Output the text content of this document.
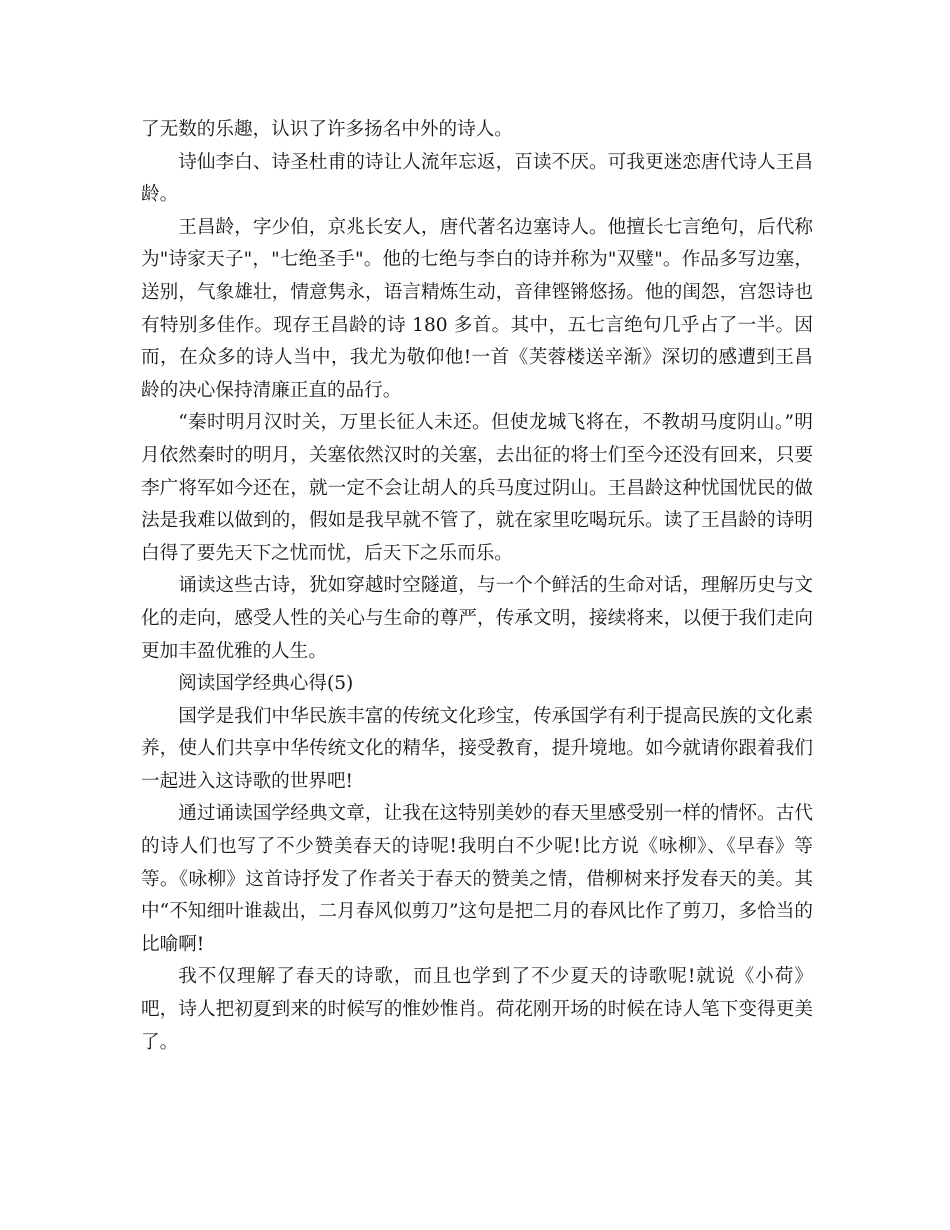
了无数的乐趣，认识了许多扬名中外的诗人。

诗仙李白、诗圣杜甫的诗让人流年忘返，百读不厌。可我更迷恋唐代诗人王昌龄。

王昌龄，字少伯，京兆长安人，唐代著名边塞诗人。他擅长七言绝句，后代称为"诗家天子"，"七绝圣手"。他的七绝与李白的诗并称为"双璧"。作品多写边塞，送别，气象雄壮，情意隽永，语言精炼生动，音律铿锵悠扬。他的闺怨，宫怨诗也有特别多佳作。现存王昌龄的诗 180 多首。其中，五七言绝句几乎占了一半。因而，在众多的诗人当中，我尤为敬仰他!一首《芙蓉楼送辛渐》深切的感遭到王昌龄的决心保持清廉正直的品行。

“秦时明月汉时关，万里长征人未还。但使龙城飞将在，不教胡马度阴山。”明月依然秦时的明月，关塞依然汉时的关塞，去出征的将士们至今还没有回来，只要李广将军如今还在，就一定不会让胡人的兵马度过阴山。王昌龄这种忧国忧民的做法是我难以做到的，假如是我早就不管了，就在家里吃喝玩乐。读了王昌龄的诗明白得了要先天下之忧而忧，后天下之乐而乐。

诵读这些古诗，犹如穿越时空隧道，与一个个鲜活的生命对话，理解历史与文化的走向，感受人性的关心与生命的尊严，传承文明，接续将来，以便于我们走向更加丰盈优雅的人生。

阅读国学经典心得(5)

国学是我们中华民族丰富的传统文化珍宝，传承国学有利于提高民族的文化素养，使人们共享中华传统文化的精华，接受教育，提升境地。如今就请你跟着我们一起进入这诗歌的世界吧!

通过诵读国学经典文章，让我在这特别美妙的春天里感受别一样的情怀。古代的诗人们也写了不少赞美春天的诗呢!我明白不少呢!比方说《咏柳》、《早春》等等。《咏柳》这首诗抒发了作者关于春天的赞美之情，借柳树来抒发春天的美。其中“不知细叶谁裁出，二月春风似剪刀”这句是把二月的春风比作了剪刀，多恰当的比喻啊!

我不仅理解了春天的诗歌，而且也学到了不少夏天的诗歌呢!就说《小荷》吧，诗人把初夏到来的时候写的惟妙惟肖。荷花刚开场的时候在诗人笔下变得更美了。
